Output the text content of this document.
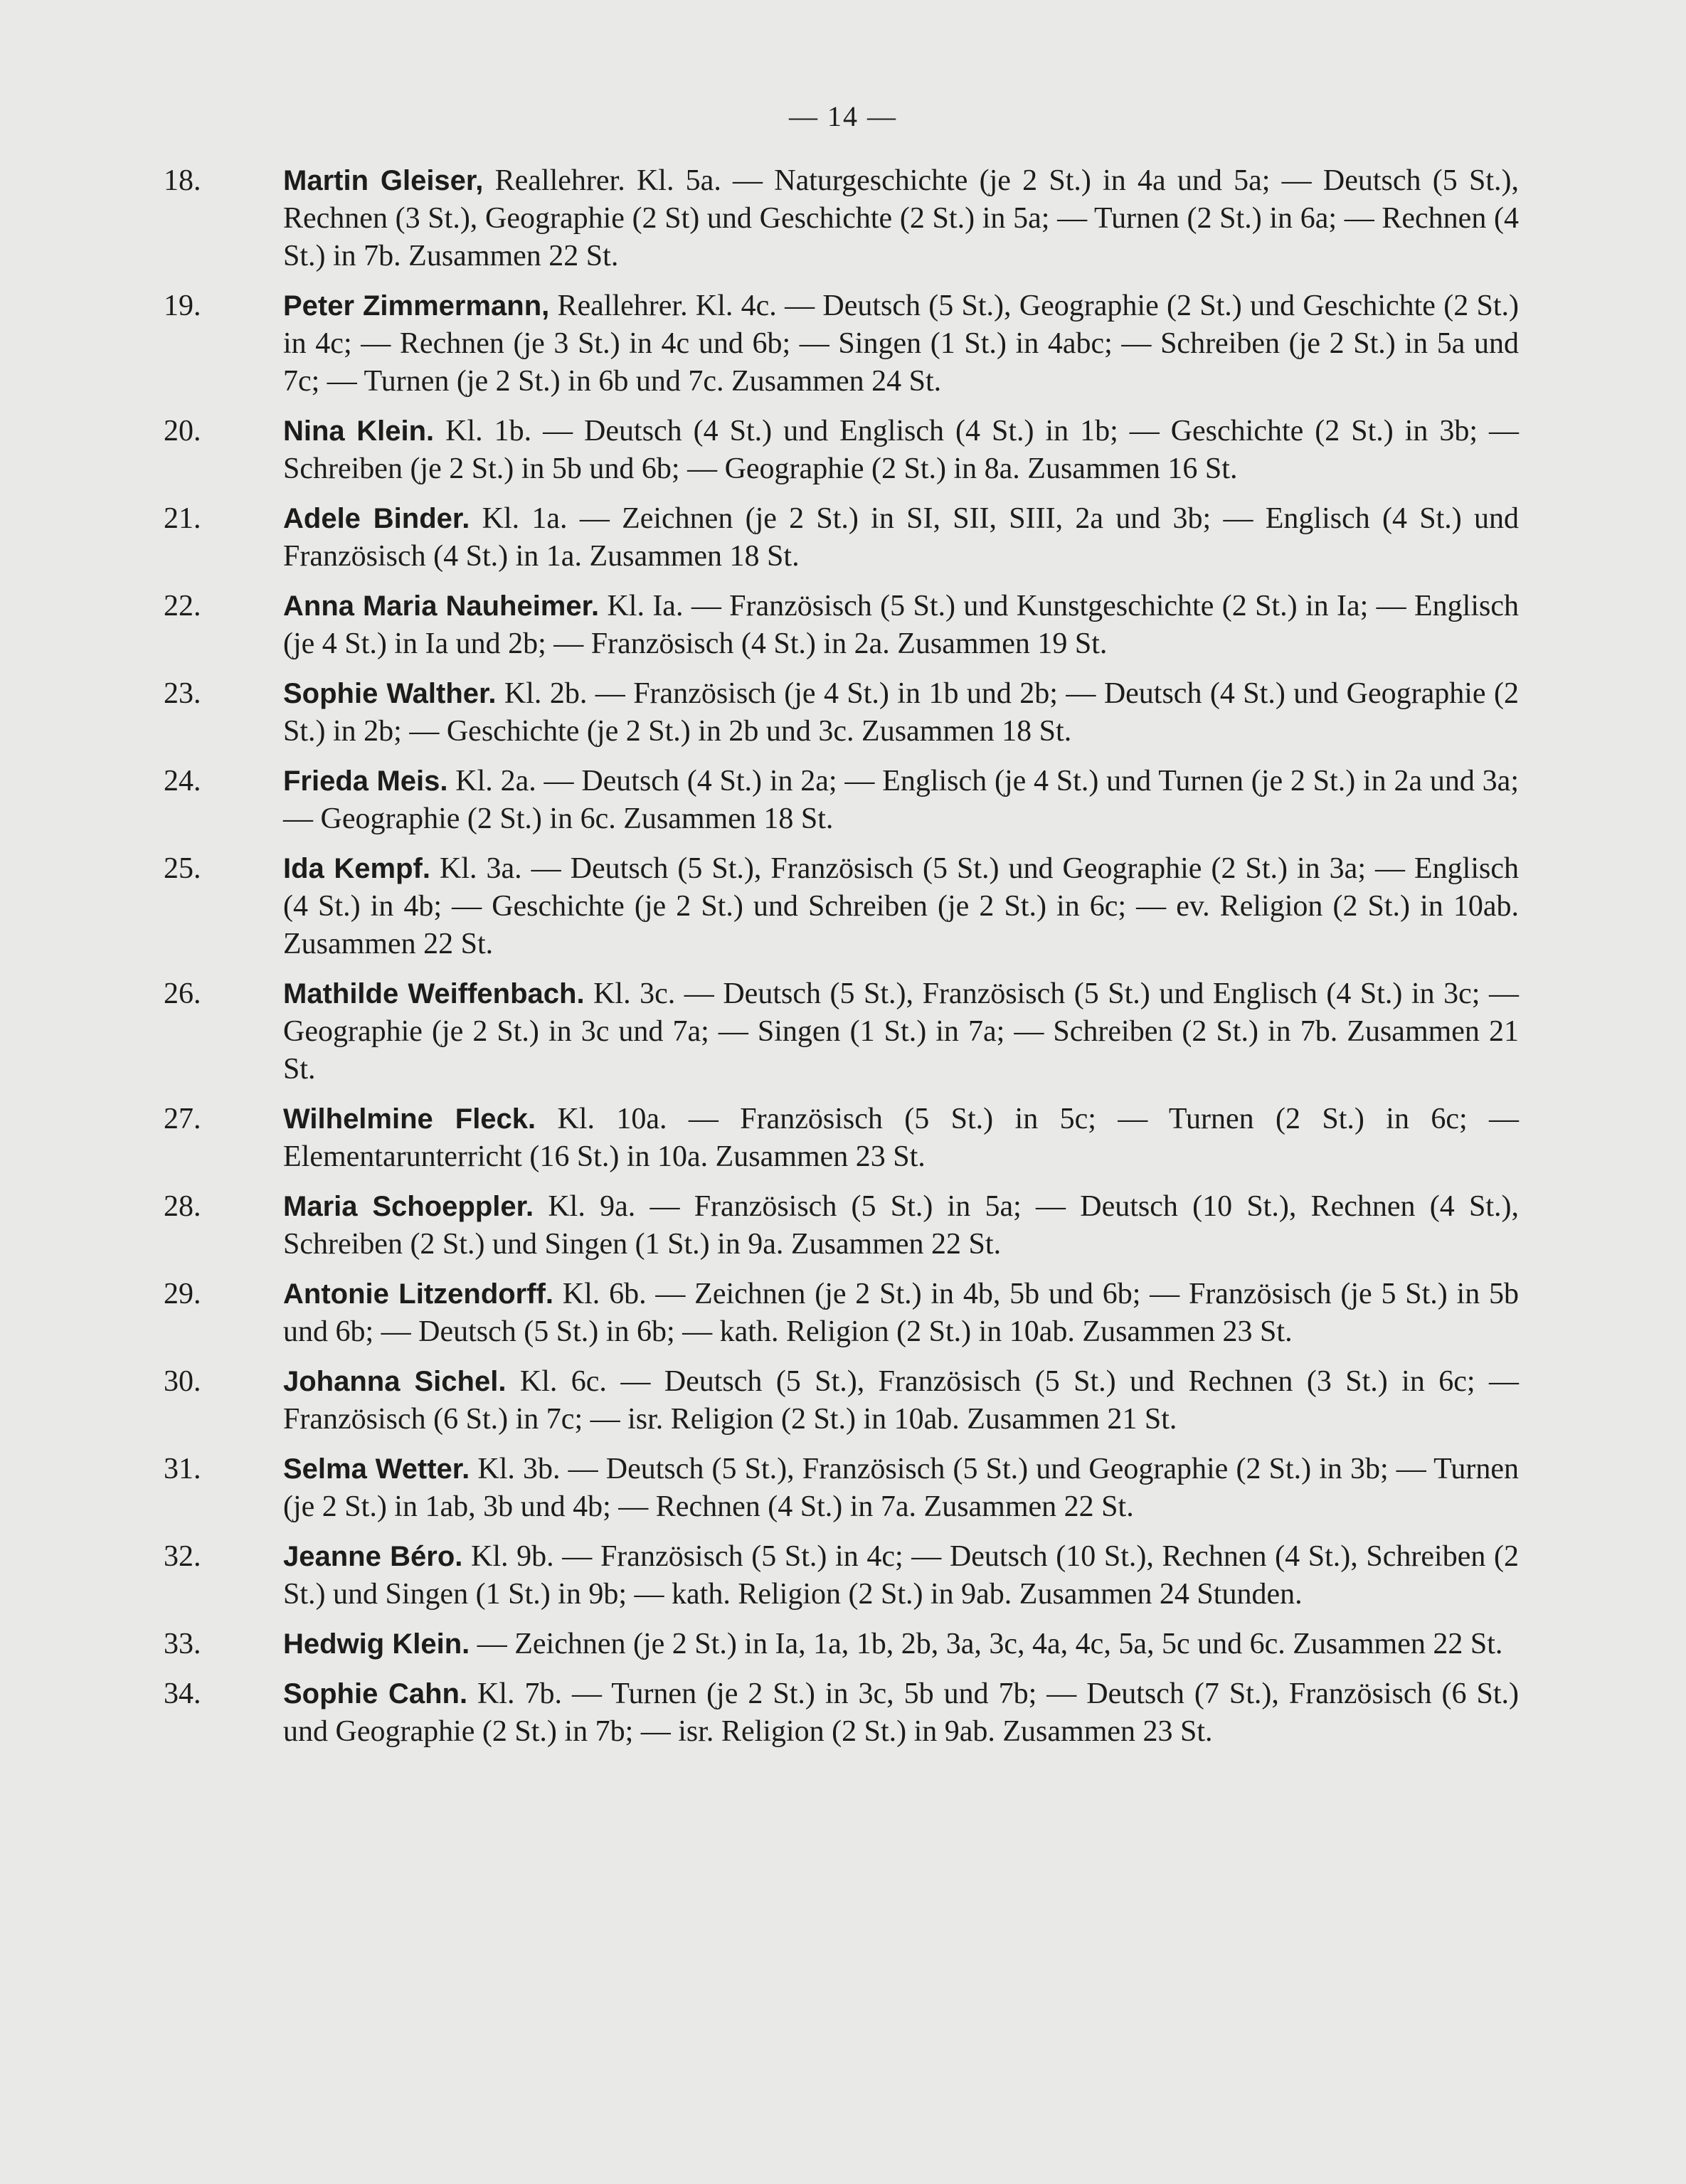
— 14 —
18.	Martin Gleiser, Reallehrer. Kl. 5a. — Naturgeschichte (je 2 St.) in 4a und 5a; — Deutsch (5 St.), Rechnen (3 St.), Geographie (2 St) und Geschichte (2 St.) in 5a; — Turnen (2 St.) in 6a; — Rechnen (4 St.) in 7b. Zusammen 22 St.
19.	Peter Zimmermann, Reallehrer. Kl. 4c. — Deutsch (5 St.), Geographie (2 St.) und Geschichte (2 St.) in 4c; — Rechnen (je 3 St.) in 4c und 6b; — Singen (1 St.) in 4abc; — Schreiben (je 2 St.) in 5a und 7c; — Turnen (je 2 St.) in 6b und 7c. Zusammen 24 St.
20.	Nina Klein. Kl. 1b. — Deutsch (4 St.) und Englisch (4 St.) in 1b; — Geschichte (2 St.) in 3b; — Schreiben (je 2 St.) in 5b und 6b; — Geographie (2 St.) in 8a. Zusammen 16 St.
21.	Adele Binder. Kl. 1a. — Zeichnen (je 2 St.) in SI, SII, SIII, 2a und 3b; — Englisch (4 St.) und Französisch (4 St.) in 1a. Zusammen 18 St.
22.	Anna Maria Nauheimer. Kl. Ia. — Französisch (5 St.) und Kunstgeschichte (2 St.) in Ia; — Englisch (je 4 St.) in Ia und 2b; — Französisch (4 St.) in 2a. Zusammen 19 St.
23.	Sophie Walther. Kl. 2b. — Französisch (je 4 St.) in 1b und 2b; — Deutsch (4 St.) und Geographie (2 St.) in 2b; — Geschichte (je 2 St.) in 2b und 3c. Zusammen 18 St.
24.	Frieda Meis. Kl. 2a. — Deutsch (4 St.) in 2a; — Englisch (je 4 St.) und Turnen (je 2 St.) in 2a und 3a; — Geographie (2 St.) in 6c. Zusammen 18 St.
25.	Ida Kempf. Kl. 3a. — Deutsch (5 St.), Französisch (5 St.) und Geographie (2 St.) in 3a; — Englisch (4 St.) in 4b; — Geschichte (je 2 St.) und Schreiben (je 2 St.) in 6c; — ev. Religion (2 St.) in 10ab. Zusammen 22 St.
26.	Mathilde Weiffenbach. Kl. 3c. — Deutsch (5 St.), Französisch (5 St.) und Englisch (4 St.) in 3c; — Geographie (je 2 St.) in 3c und 7a; — Singen (1 St.) in 7a; — Schreiben (2 St.) in 7b. Zusammen 21 St.
27.	Wilhelmine Fleck. Kl. 10a. — Französisch (5 St.) in 5c; — Turnen (2 St.) in 6c; — Elementarunterricht (16 St.) in 10a. Zusammen 23 St.
28.	Maria Schoeppler. Kl. 9a. — Französisch (5 St.) in 5a; — Deutsch (10 St.), Rechnen (4 St.), Schreiben (2 St.) und Singen (1 St.) in 9a. Zusammen 22 St.
29.	Antonie Litzendorff. Kl. 6b. — Zeichnen (je 2 St.) in 4b, 5b und 6b; — Französisch (je 5 St.) in 5b und 6b; — Deutsch (5 St.) in 6b; — kath. Religion (2 St.) in 10ab. Zusammen 23 St.
30.	Johanna Sichel. Kl. 6c. — Deutsch (5 St.), Französisch (5 St.) und Rechnen (3 St.) in 6c; — Französisch (6 St.) in 7c; — isr. Religion (2 St.) in 10ab. Zusammen 21 St.
31.	Selma Wetter. Kl. 3b. — Deutsch (5 St.), Französisch (5 St.) und Geographie (2 St.) in 3b; — Turnen (je 2 St.) in 1ab, 3b und 4b; — Rechnen (4 St.) in 7a. Zusammen 22 St.
32.	Jeanne Béro. Kl. 9b. — Französisch (5 St.) in 4c; — Deutsch (10 St.), Rechnen (4 St.), Schreiben (2 St.) und Singen (1 St.) in 9b; — kath. Religion (2 St.) in 9ab. Zusammen 24 Stunden.
33.	Hedwig Klein. — Zeichnen (je 2 St.) in Ia, 1a, 1b, 2b, 3a, 3c, 4a, 4c, 5a, 5c und 6c. Zusammen 22 St.
34.	Sophie Cahn. Kl. 7b. — Turnen (je 2 St.) in 3c, 5b und 7b; — Deutsch (7 St.), Französisch (6 St.) und Geographie (2 St.) in 7b; — isr. Religion (2 St.) in 9ab. Zusammen 23 St.
